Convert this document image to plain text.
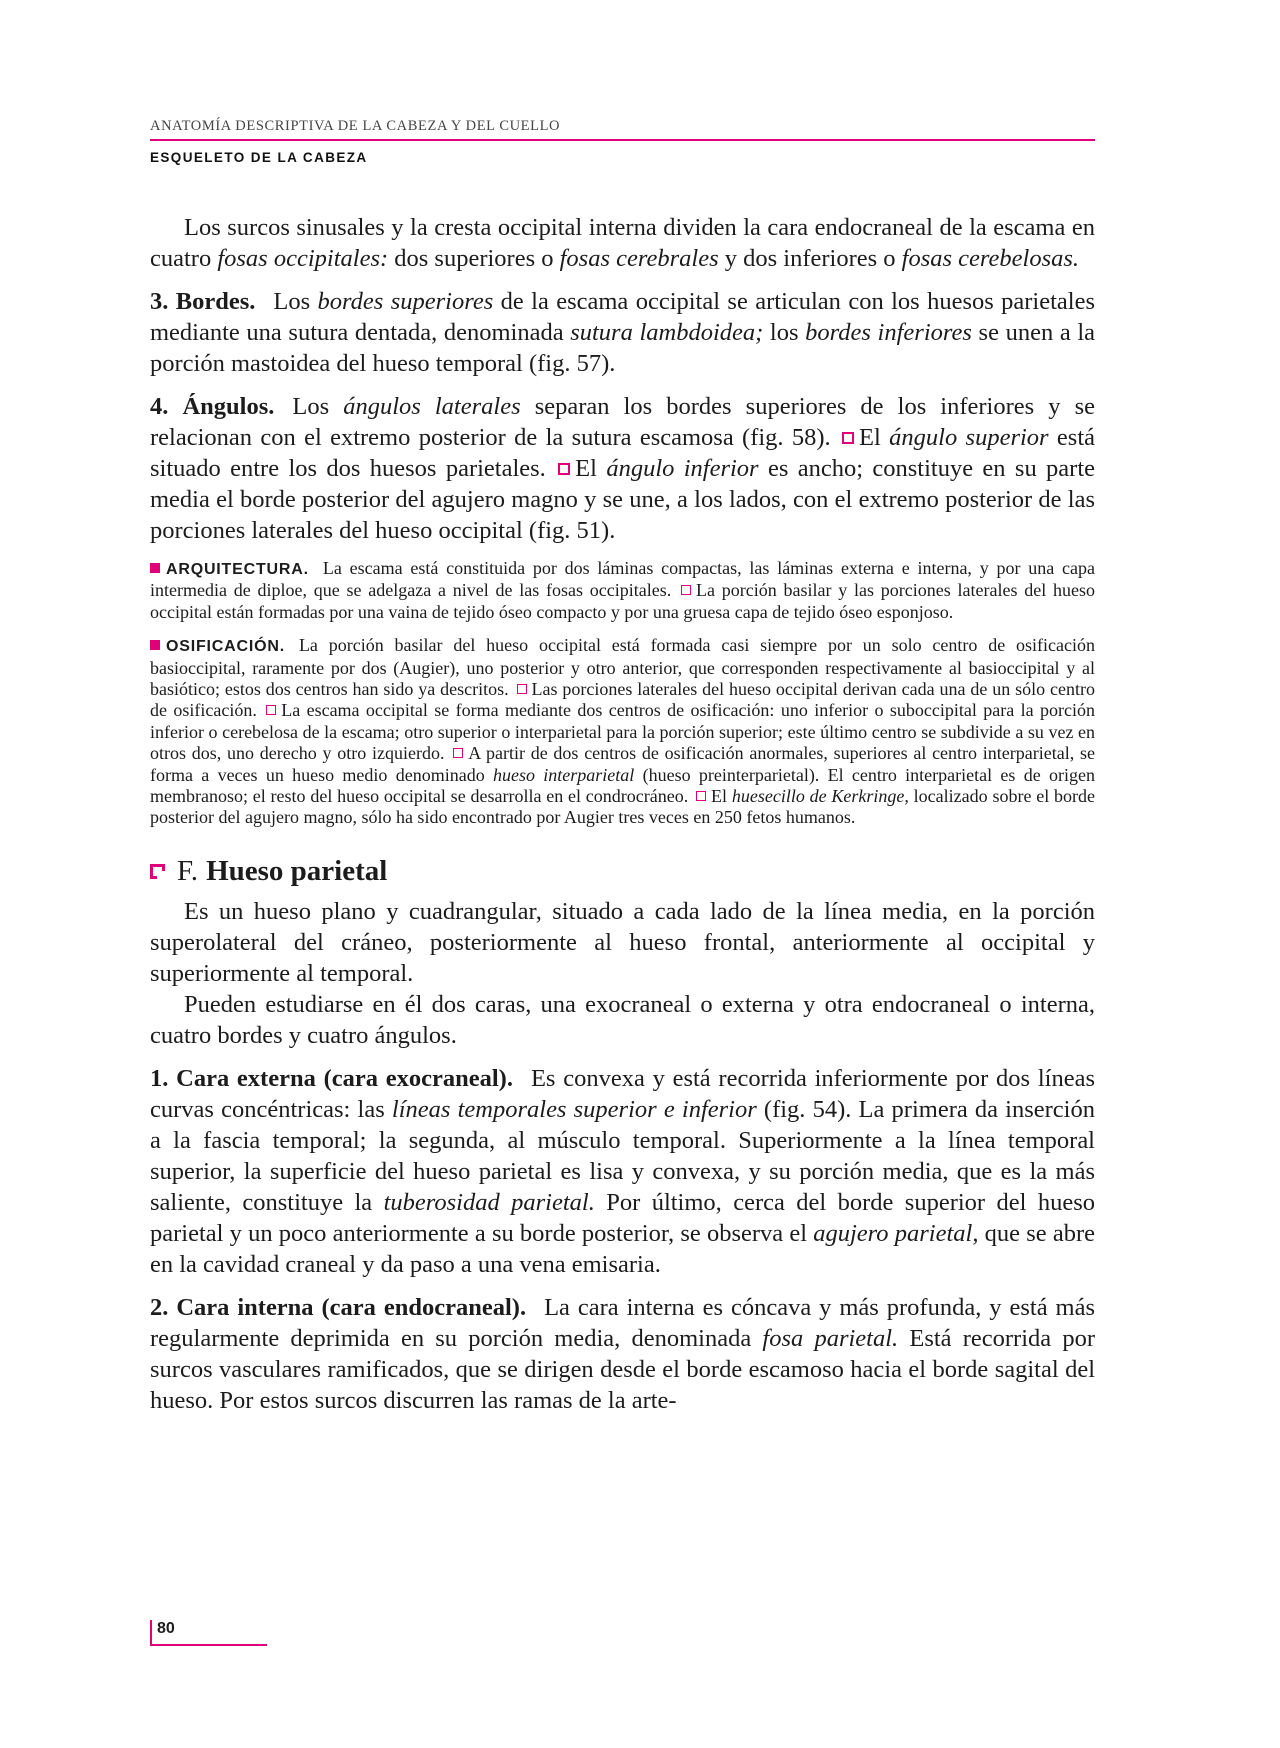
ANATOMÍA DESCRIPTIVA DE LA CABEZA Y DEL CUELLO
ESQUELETO DE LA CABEZA

Los surcos sinusales y la cresta occipital interna dividen la cara endocraneal de la escama en cuatro fosas occipitales: dos superiores o fosas cerebrales y dos inferiores o fosas cerebelosas.

3. Bordes. Los bordes superiores de la escama occipital se articulan con los huesos parietales mediante una sutura dentada, denominada sutura lambdoidea; los bordes inferiores se unen a la porción mastoidea del hueso temporal (fig. 57).

4. Ángulos. Los ángulos laterales separan los bordes superiores de los inferiores y se relacionan con el extremo posterior de la sutura escamosa (fig. 58). El ángulo superior está situado entre los dos huesos parietales. El ángulo inferior es ancho; constituye en su parte media el borde posterior del agujero magno y se une, a los lados, con el extremo posterior de las porciones laterales del hueso occipital (fig. 51).

ARQUITECTURA. La escama está constituida por dos láminas compactas, las láminas externa e interna, y por una capa intermedia de diploe, que se adelgaza a nivel de las fosas occipitales. La porción basilar y las porciones laterales del hueso occipital están formadas por una vaina de tejido óseo compacto y por una gruesa capa de tejido óseo esponjoso.

OSIFICACIÓN. La porción basilar del hueso occipital está formada casi siempre por un solo centro de osificación basioccipital, raramente por dos (Augier), uno posterior y otro anterior, que corresponden respectivamente al basioccipital y al basiótico; estos dos centros han sido ya descritos. Las porciones laterales del hueso occipital derivan cada una de un sólo centro de osificación. La escama occipital se forma mediante dos centros de osificación: uno inferior o suboccipital para la porción inferior o cerebelosa de la escama; otro superior o interparietal para la porción superior; este último centro se subdivide a su vez en otros dos, uno derecho y otro izquierdo. A partir de dos centros de osificación anormales, superiores al centro interparietal, se forma a veces un hueso medio denominado hueso interparietal (hueso preinterparietal). El centro interparietal es de origen membranoso; el resto del hueso occipital se desarrolla en el condrocráneo. El huesecillo de Kerkringe, localizado sobre el borde posterior del agujero magno, sólo ha sido encontrado por Augier tres veces en 250 fetos humanos.

F. Hueso parietal

Es un hueso plano y cuadrangular, situado a cada lado de la línea media, en la porción superolateral del cráneo, posteriormente al hueso frontal, anteriormente al occipital y superiormente al temporal.

Pueden estudiarse en él dos caras, una exocraneal o externa y otra endocraneal o interna, cuatro bordes y cuatro ángulos.

1. Cara externa (cara exocraneal). Es convexa y está recorrida inferiormente por dos líneas curvas concéntricas: las líneas temporales superior e inferior (fig. 54). La primera da inserción a la fascia temporal; la segunda, al músculo temporal. Superiormente a la línea temporal superior, la superficie del hueso parietal es lisa y convexa, y su porción media, que es la más saliente, constituye la tuberosidad parietal. Por último, cerca del borde superior del hueso parietal y un poco anteriormente a su borde posterior, se observa el agujero parietal, que se abre en la cavidad craneal y da paso a una vena emisaria.

2. Cara interna (cara endocraneal). La cara interna es cóncava y más profunda, y está más regularmente deprimida en su porción media, denominada fosa parietal. Está recorrida por surcos vasculares ramificados, que se dirigen desde el borde escamoso hacia el borde sagital del hueso. Por estos surcos discurren las ramas de la arte-

80
